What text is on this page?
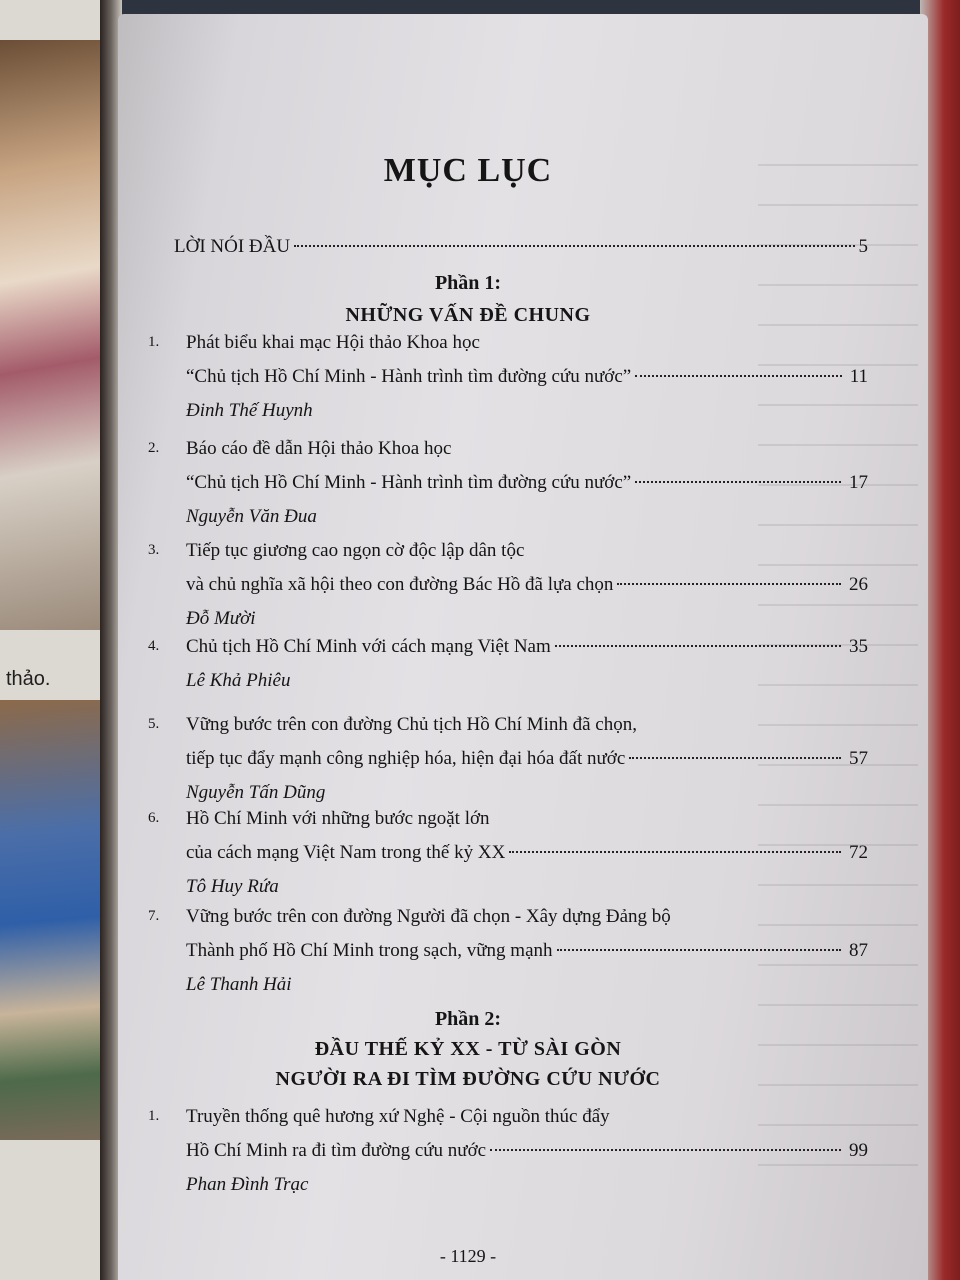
thảo.
MỤC LỤC
LỜI NÓI ĐẦU	5
Phần 1:
NHỮNG VẤN ĐỀ CHUNG
1. Phát biểu khai mạc Hội thảo Khoa học
“Chủ tịch Hồ Chí Minh - Hành trình tìm đường cứu nước”	11
Đinh Thế Huynh
2. Báo cáo đề dẫn Hội thảo Khoa học
“Chủ tịch Hồ Chí Minh - Hành trình tìm đường cứu nước”	17
Nguyễn Văn Đua
3. Tiếp tục giương cao ngọn cờ độc lập dân tộc
và chủ nghĩa xã hội theo con đường Bác Hồ đã lựa chọn	26
Đỗ Mười
4. Chủ tịch Hồ Chí Minh với cách mạng Việt Nam	35
Lê Khả Phiêu
5. Vững bước trên con đường Chủ tịch Hồ Chí Minh đã chọn,
tiếp tục đẩy mạnh công nghiệp hóa, hiện đại hóa đất nước	57
Nguyễn Tấn Dũng
6. Hồ Chí Minh với những bước ngoặt lớn
của cách mạng Việt Nam trong thế kỷ XX	72
Tô Huy Rứa
7. Vững bước trên con đường Người đã chọn - Xây dựng Đảng bộ
Thành phố Hồ Chí Minh trong sạch, vững mạnh	87
Lê Thanh Hải
Phần 2:
ĐẦU THẾ KỶ XX - TỪ SÀI GÒN
NGƯỜI RA ĐI TÌM ĐƯỜNG CỨU NƯỚC
1. Truyền thống quê hương xứ Nghệ - Cội nguồn thúc đẩy
Hồ Chí Minh ra đi tìm đường cứu nước	99
Phan Đình Trạc
- 1129 -
